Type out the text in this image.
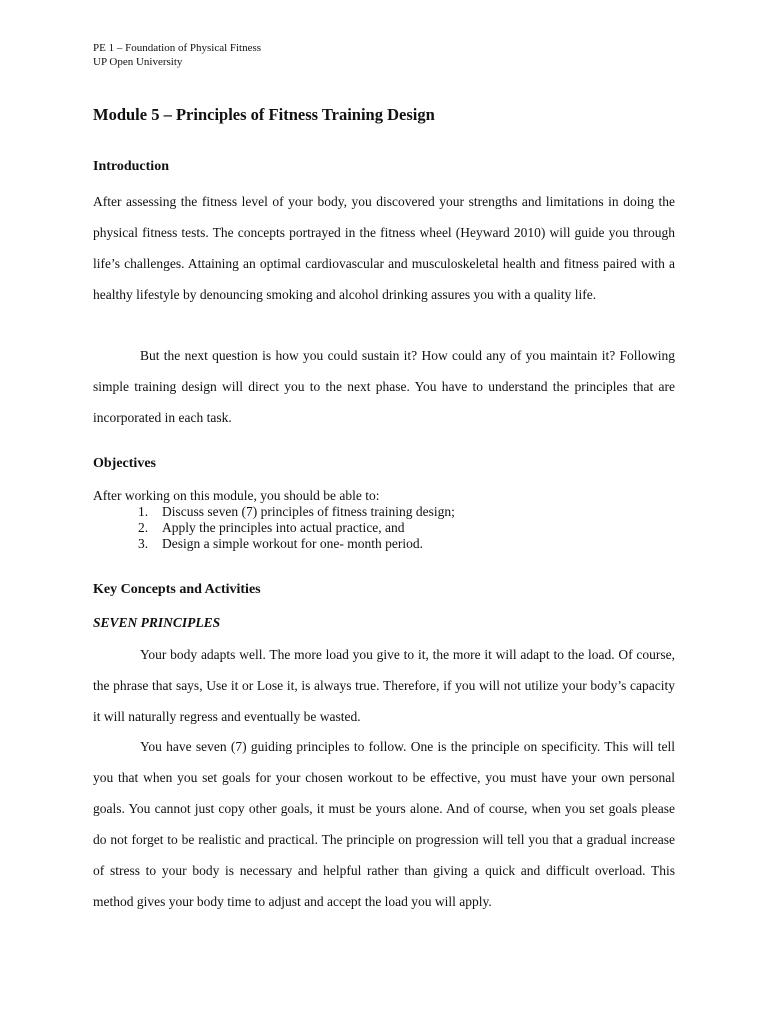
PE 1 – Foundation of Physical Fitness
UP Open University
Module 5 – Principles of Fitness Training Design
Introduction

After assessing the fitness level of your body, you discovered your strengths and limitations in doing the physical fitness tests. The concepts portrayed in the fitness wheel (Heyward 2010) will guide you through life’s challenges. Attaining an optimal cardiovascular and musculoskeletal health and fitness paired with a healthy lifestyle by denouncing smoking and alcohol drinking assures you with a quality life.

But the next question is how you could sustain it? How could any of you maintain it? Following simple training design will direct you to the next phase. You have to understand the principles that are incorporated in each task.

Objectives

After working on this module, you should be able to:

1. Discuss seven (7) principles of fitness training design;
2. Apply the principles into actual practice, and
3. Design a simple workout for one- month period.
Key Concepts and Activities
SEVEN PRINCIPLES

Your body adapts well. The more load you give to it, the more it will adapt to the load. Of course, the phrase that says, Use it or Lose it, is always true. Therefore, if you will not utilize your body’s capacity it will naturally regress and eventually be wasted.

You have seven (7) guiding principles to follow. One is the principle on specificity. This will tell you that when you set goals for your chosen workout to be effective, you must have your own personal goals. You cannot just copy other goals, it must be yours alone. And of course, when you set goals please do not forget to be realistic and practical. The principle on progression will tell you that a gradual increase of stress to your body is necessary and helpful rather than giving a quick and difficult overload. This method gives your body time to adjust and accept the load you will apply.
